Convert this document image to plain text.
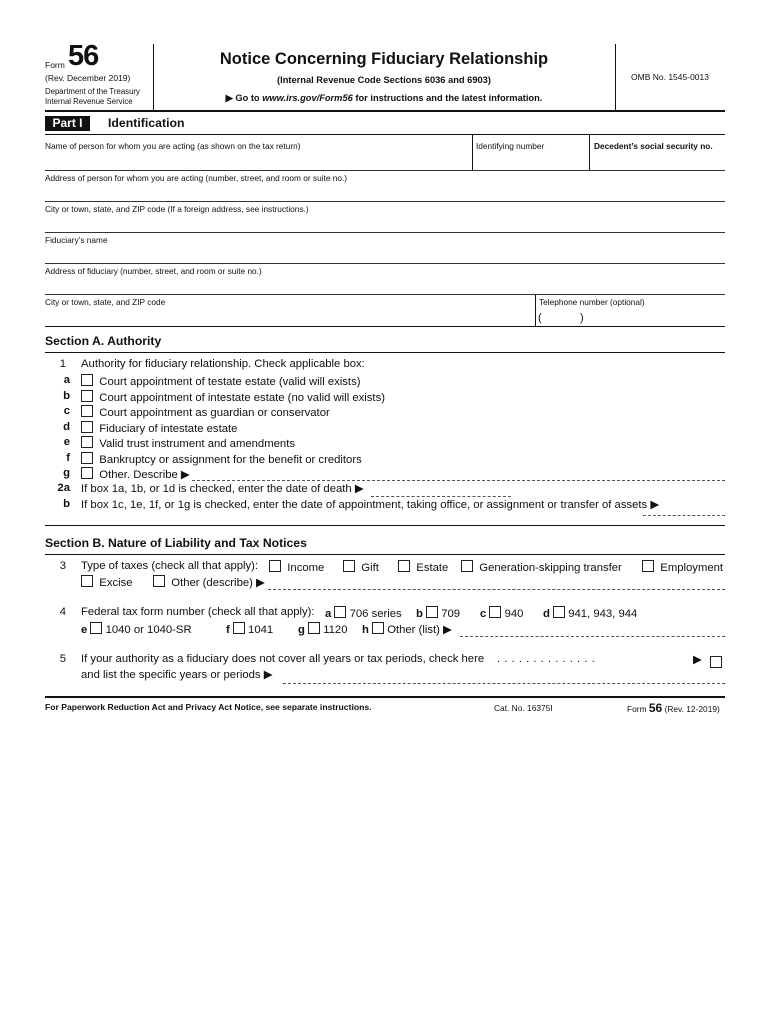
Form 56
(Rev. December 2019)
Department of the Treasury
Internal Revenue Service
Notice Concerning Fiduciary Relationship
(Internal Revenue Code Sections 6036 and 6903)
▶ Go to www.irs.gov/Form56 for instructions and the latest information.
OMB No. 1545-0013
Part I	Identification
Name of person for whom you are acting (as shown on the tax return)	Identifying number	Decedent’s social security no.
Address of person for whom you are acting (number, street, and room or suite no.)
City or town, state, and ZIP code (If a foreign address, see instructions.)
Fiduciary’s name
Address of fiduciary (number, street, and room or suite no.)
City or town, state, and ZIP code	Telephone number (optional)
(	)
Section A. Authority
1 Authority for fiduciary relationship. Check applicable box:
a	Court appointment of testate estate (valid will exists)
b	Court appointment of intestate estate (no valid will exists)
c	Court appointment as guardian or conservator
d	Fiduciary of intestate estate
e	Valid trust instrument and amendments
f	Bankruptcy or assignment for the benefit or creditors
g	Other. Describe ▶
2a If box 1a, 1b, or 1d is checked, enter the date of death ▶
b If box 1c, 1e, 1f, or 1g is checked, enter the date of appointment, taking office, or assignment or transfer of assets ▶
Section B. Nature of Liability and Tax Notices
3 Type of taxes (check all that apply):	Income	Gift	Estate	Generation-skipping transfer	Employment
Excise	Other (describe) ▶
4 Federal tax form number (check all that apply): a 706 series b 709 c 940 d 941, 943, 944
e 1040 or 1040-SR	f 1041 g 1120 h Other (list) ▶
5 If your authority as a fiduciary does not cover all years or tax periods, check here . . . . . . . . . . . . . .	▶
and list the specific years or periods ▶
For Paperwork Reduction Act and Privacy Act Notice, see separate instructions.	Cat. No. 16375I	Form 56 (Rev. 12-2019)
